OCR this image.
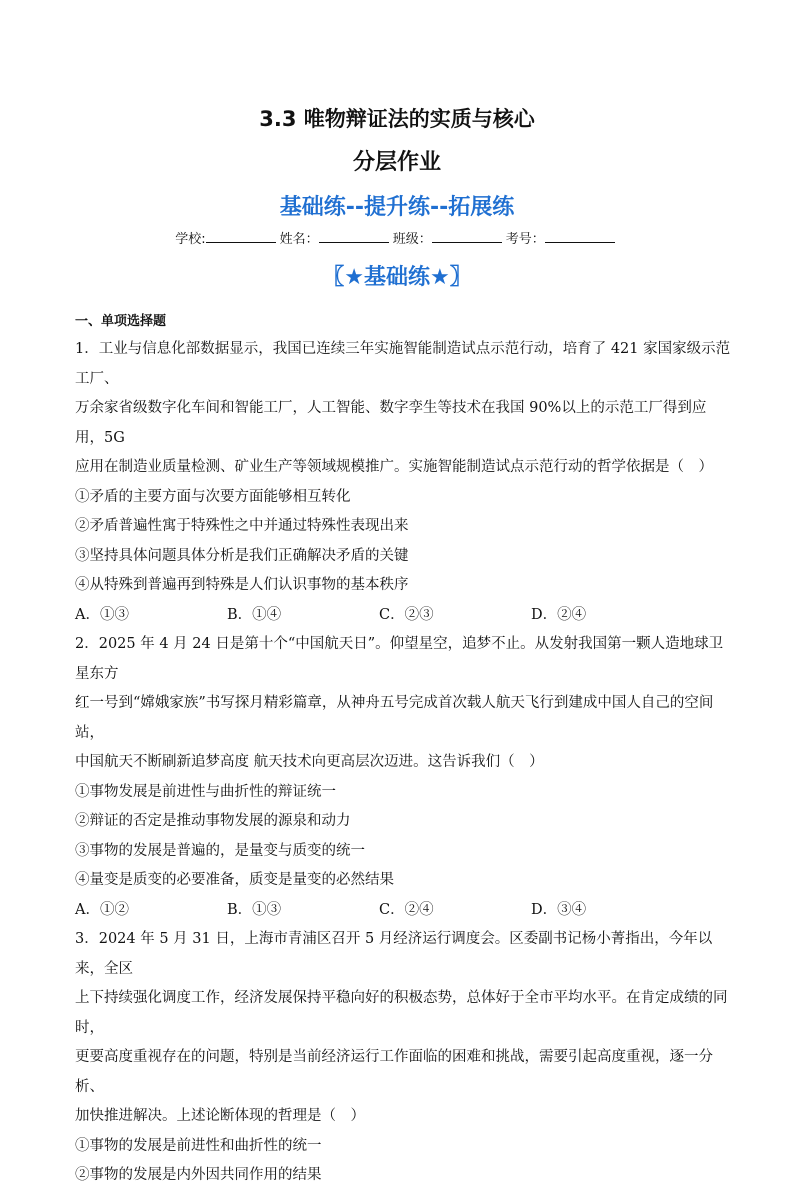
3.3 唯物辩证法的实质与核心
分层作业
基础练--提升练--拓展练
学校:	姓名：	班级：	考号：
〖★基础练★〗
一、单项选择题

1．工业与信息化部数据显示，我国已连续三年实施智能制造试点示范行动，培育了 421 家国家级示范工厂、

万余家省级数字化车间和智能工厂，人工智能、数字孪生等技术在我国 90%以上的示范工厂得到应用，5G

应用在制造业质量检测、矿业生产等领域规模推广。实施智能制造试点示范行动的哲学依据是（　）

①矛盾的主要方面与次要方面能够相互转化

②矛盾普遍性寓于特殊性之中并通过特殊性表现出来

③坚持具体问题具体分析是我们正确解决矛盾的关键

④从特殊到普遍再到特殊是人们认识事物的基本秩序

A．①③	B．①④	C．②③	D．②④

2．2025 年 4 月 24 日是第十个“中国航天日”。仰望星空，追梦不止。从发射我国第一颗人造地球卫星东方

红一号到“嫦娥家族”书写探月精彩篇章，从神舟五号完成首次载人航天飞行到建成中国人自己的空间站，

中国航天不断刷新追梦高度 航天技术向更高层次迈进。这告诉我们（　）

①事物发展是前进性与曲折性的辩证统一

②辩证的否定是推动事物发展的源泉和动力

③事物的发展是普遍的，是量变与质变的统一

④量变是质变的必要准备，质变是量变的必然结果

A．①②	B．①③	C．②④	D．③④

3．2024 年 5 月 31 日，上海市青浦区召开 5 月经济运行调度会。区委副书记杨小菁指出，今年以来，全区

上下持续强化调度工作，经济发展保持平稳向好的积极态势，总体好于全市平均水平。在肯定成绩的同时，

更要高度重视存在的问题，特别是当前经济运行工作面临的困难和挑战，需要引起高度重视，逐一分析、

加快推进解决。上述论断体现的哲理是（　）

①事物的发展是前进性和曲折性的统一

②事物的发展是内外因共同作用的结果
